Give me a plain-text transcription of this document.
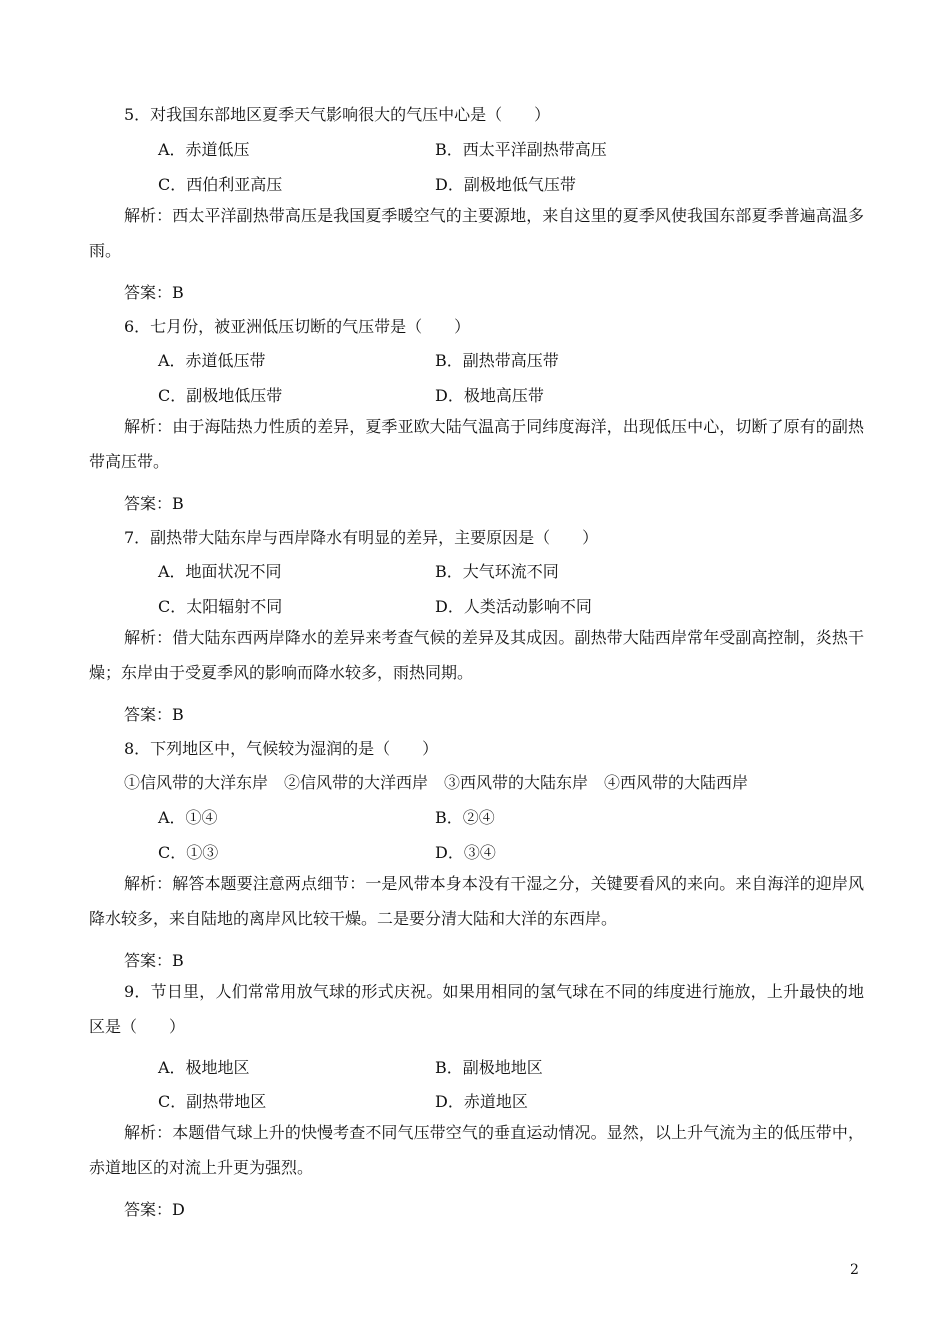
5．对我国东部地区夏季天气影响很大的气压中心是（　　）
A．赤道低压	B．西太平洋副热带高压
C．西伯利亚高压	D．副极地低气压带
解析：西太平洋副热带高压是我国夏季暖空气的主要源地，来自这里的夏季风使我国东部夏季普遍高温多雨。
答案：B
6．七月份，被亚洲低压切断的气压带是（　　）
A．赤道低压带	B．副热带高压带
C．副极地低压带	D．极地高压带
解析：由于海陆热力性质的差异，夏季亚欧大陆气温高于同纬度海洋，出现低压中心，切断了原有的副热带高压带。
答案：B
7．副热带大陆东岸与西岸降水有明显的差异，主要原因是（　　）
A．地面状况不同	B．大气环流不同
C．太阳辐射不同	D．人类活动影响不同
解析：借大陆东西两岸降水的差异来考查气候的差异及其成因。副热带大陆西岸常年受副高控制，炎热干燥；东岸由于受夏季风的影响而降水较多，雨热同期。
答案：B
8．下列地区中，气候较为湿润的是（　　）
①信风带的大洋东岸　②信风带的大洋西岸　③西风带的大陆东岸　④西风带的大陆西岸
A．①④	B．②④
C．①③	D．③④
解析：解答本题要注意两点细节：一是风带本身本没有干湿之分，关键要看风的来向。来自海洋的迎岸风降水较多，来自陆地的离岸风比较干燥。二是要分清大陆和大洋的东西岸。
答案：B
9．节日里，人们常常用放气球的形式庆祝。如果用相同的氢气球在不同的纬度进行施放，上升最快的地区是（　　）
A．极地地区	B．副极地地区
C．副热带地区	D．赤道地区
解析：本题借气球上升的快慢考查不同气压带空气的垂直运动情况。显然，以上升气流为主的低压带中，赤道地区的对流上升更为强烈。
答案：D
2
